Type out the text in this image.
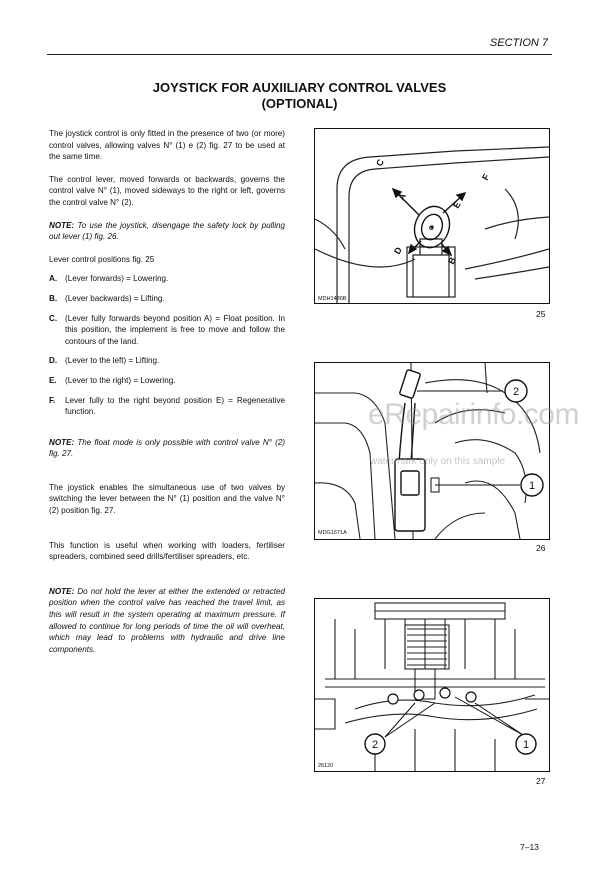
SECTION 7
JOYSTICK FOR AUXIILIARY CONTROL VALVES
(OPTIONAL)

The joystick control is only fitted in the presence of two (or more) control valves, allowing valves N° (1) e (2) fig. 27 to be used at the same time.

The control lever, moved forwards or backwards, governs the control valve N° (1), moved sideways to the right or left, governs the control valve N° (2).

NOTE: To use the joystick, disengage the safety lock by pulling out lever (1) fig. 26.

Lever control positions fig. 25

A. (Lever forwards) = Lowering.
B. (Lever backwards) = Lifting.
C. (Lever fully forwards beyond position A) = Float position. In this position, the implement is free to move and follow the contours of the land.
D. (Lever to the left) = Lifting.
E.	(Lever to the right) = Lowering.
F.	Lever fully to the right beyond position E) = Regenerative function.

NOTE: The float mode is only possible with control valve N° (2) fig. 27.

The joystick enables the simultaneous use of two valves by switching the lever between the N° (1) position and the valve N° (2) position fig. 27.

This function is useful when working with loaders, fertiliser spreaders, combined seed drills/fertiliser spreaders, etc.

NOTE: Do not hold the lever at either the extended or retracted position when the control valve has reached the travel limit, as this will result in the system operating at maximum pressure. If allowed to continue for long periods of time the oil will overheat, which may lead to problems with hydraulic and drive line components.

C
A
F
E
D
B
O
MDH1486B
25
2
1
MDG1671A
26
2	1
26120
27
eRepairinfo.com
watermark only on this sample
7–13
